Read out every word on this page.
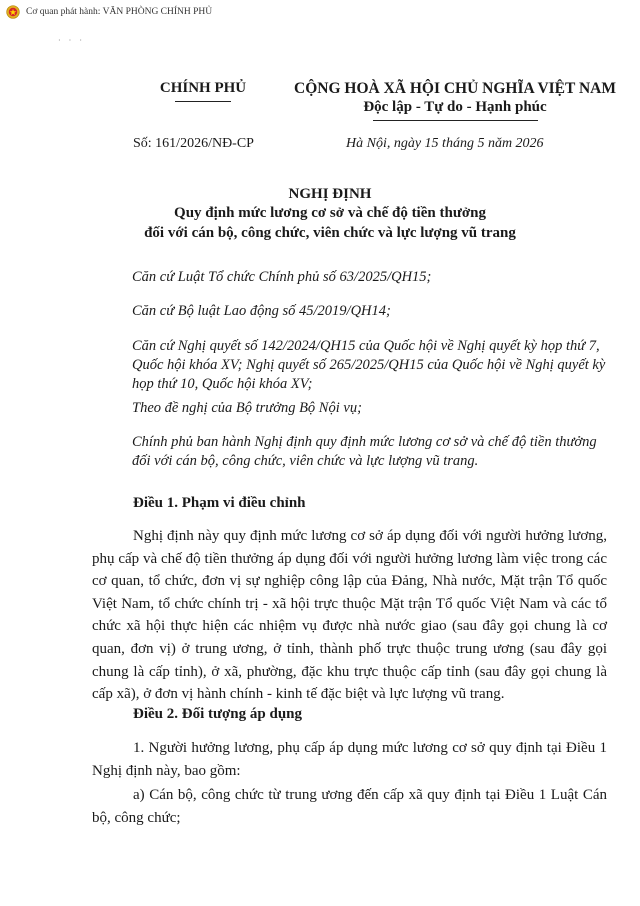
Cơ quan phát hành: VĂN PHÒNG CHÍNH PHỦ
· · ·
CHÍNH PHỦ	CỘNG HOÀ XÃ HỘI CHỦ NGHĨA VIỆT NAM
Độc lập - Tự do - Hạnh phúc
Số: 161/2026/NĐ-CP	Hà Nội, ngày 15 tháng 5 năm 2026
NGHỊ ĐỊNH
Quy định mức lương cơ sở và chế độ tiền thưởng
đối với cán bộ, công chức, viên chức và lực lượng vũ trang
Căn cứ Luật Tổ chức Chính phủ số 63/2025/QH15;
Căn cứ Bộ luật Lao động số 45/2019/QH14;
Căn cứ Nghị quyết số 142/2024/QH15 của Quốc hội về Nghị quyết kỳ họp thứ 7, Quốc hội khóa XV; Nghị quyết số 265/2025/QH15 của Quốc hội về Nghị quyết kỳ họp thứ 10, Quốc hội khóa XV;
Theo đề nghị của Bộ trưởng Bộ Nội vụ;
Chính phủ ban hành Nghị định quy định mức lương cơ sở và chế độ tiền thưởng đối với cán bộ, công chức, viên chức và lực lượng vũ trang.
Điều 1. Phạm vi điều chỉnh
Nghị định này quy định mức lương cơ sở áp dụng đối với người hưởng lương, phụ cấp và chế độ tiền thưởng áp dụng đối với người hưởng lương làm việc trong các cơ quan, tổ chức, đơn vị sự nghiệp công lập của Đảng, Nhà nước, Mặt trận Tổ quốc Việt Nam, tổ chức chính trị - xã hội trực thuộc Mặt trận Tổ quốc Việt Nam và các tổ chức xã hội thực hiện các nhiệm vụ được nhà nước giao (sau đây gọi chung là cơ quan, đơn vị) ở trung ương, ở tỉnh, thành phố trực thuộc trung ương (sau đây gọi chung là cấp tỉnh), ở xã, phường, đặc khu trực thuộc cấp tỉnh (sau đây gọi chung là cấp xã), ở đơn vị hành chính - kinh tế đặc biệt và lực lượng vũ trang.
Điều 2. Đối tượng áp dụng
1. Người hưởng lương, phụ cấp áp dụng mức lương cơ sở quy định tại Điều 1 Nghị định này, bao gồm:
a) Cán bộ, công chức từ trung ương đến cấp xã quy định tại Điều 1 Luật Cán bộ, công chức;
